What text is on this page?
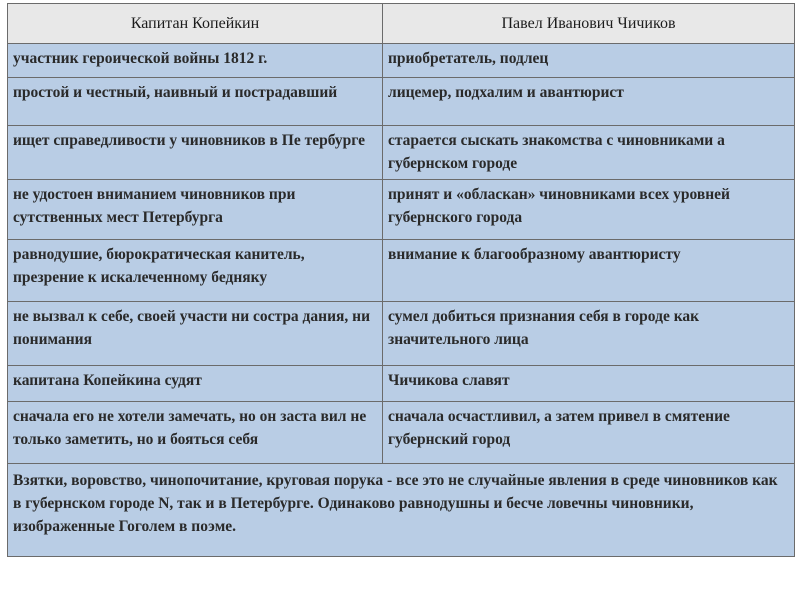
Капитан Копейкин	Павел Иванович Чичиков
участник героической войны 1812 г.	приобретатель, подлец
простой и честный, наивный и пострадавший	лицемер, подхалим и авантюрист
ищет справедливости у чиновников в Пе тербурге	старается сыскать знакомства с чиновниками а губернском городе
не удостоен вниманием чиновников при сутственных мест Петербурга	принят и «обласкан» чиновниками всех уровней губернского города
равнодушие, бюрократическая канитель, презрение к искалеченному бедняку	внимание к благообразному авантюристу
не вызвал к себе, своей участи ни состра дания, ни понимания	сумел добиться признания себя в городе как значительного лица
капитана Копейкина судят	Чичикова славят
сначала его не хотели замечать, но он заста вил не только заметить, но и бояться себя	сначала осчастливил, а затем привел в смятение губернский город
Взятки, воровство, чинопочитание, круговая порука - все это не случайные явления в среде чиновников как в губернском городе N, так и в Петербурге. Одинаково равнодушны и бесче ловечны чиновники, изображенные Гоголем в поэме.	
